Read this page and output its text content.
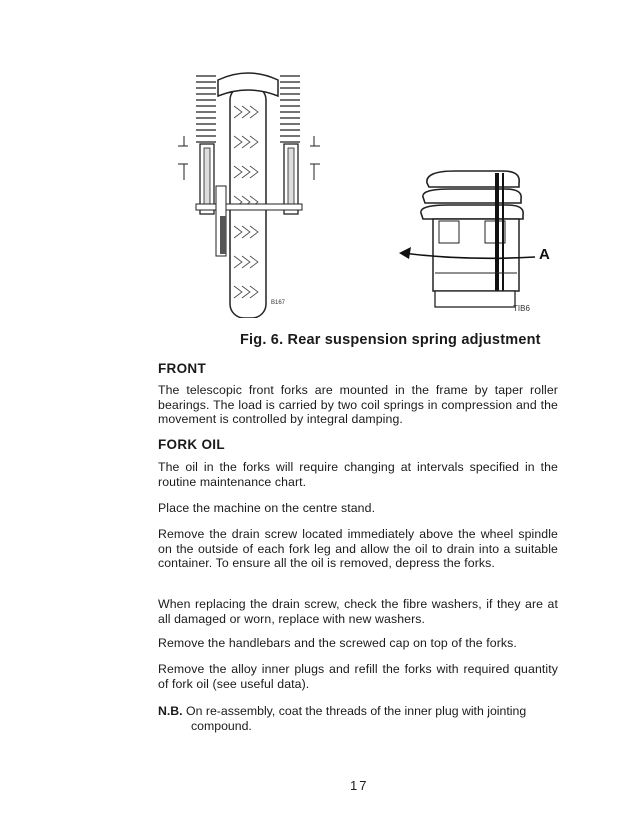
B167
A
TIB6
Fig. 6. Rear suspension spring adjustment
FRONT
The telescopic front forks are mounted in the frame by taper roller bearings. The load is carried by two coil springs in compression and the movement is controlled by integral damping.
FORK OIL
The oil in the forks will require changing at intervals specified in the routine maintenance chart.
Place the machine on the centre stand.
Remove the drain screw located immediately above the wheel spindle on the outside of each fork leg and allow the oil to drain into a suitable container. To ensure all the oil is removed, depress the forks.
When replacing the drain screw, check the fibre washers, if they are at all damaged or worn, replace with new washers.
Remove the handlebars and the screwed cap on top of the forks.
Remove the alloy inner plugs and refill the forks with required quantity of fork oil (see useful data).
N.B. On re-assembly, coat the threads of the inner plug with jointing
compound.
17
